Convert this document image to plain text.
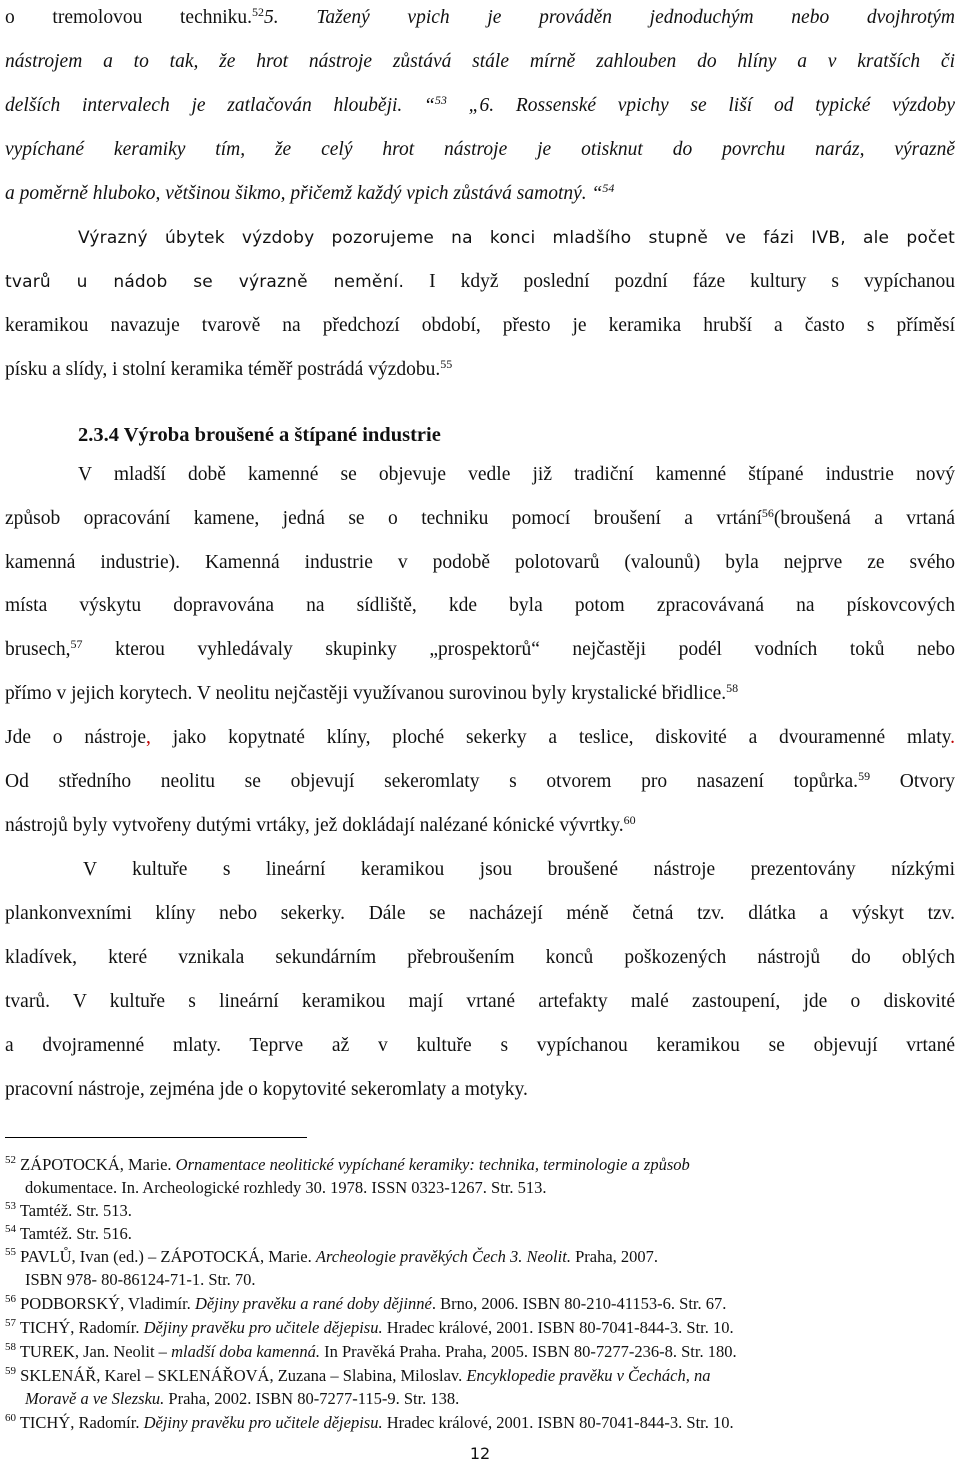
o tremolovou techniku.$^{52}$5. Tažený vpich je prováděn jednoduchým nebo dvojhrotým
nástrojem a to tak, že hrot nástroje zůstává stále mírně zahlouben do hlíny a v kratších či
delších intervalech je zatlačován hlouběji. “$^{53}$ „6. Rossenské vpichy se liší od typické výzdoby
vypíchané keramiky tím, že celý hrot nástroje je otisknut do povrchu naráz, výrazně
a poměrně hluboko, většinou šikmo, přičemž každý vpich zůstává samotný. “$^{54}$
Výrazný úbytek výzdoby pozorujeme na konci mladšího stupně ve fázi IVB, ale počet
tvarů u nádob se výrazně nemění. I když poslední pozdní fáze kultury s vypíchanou
keramikou navazuje tvarově na předchozí období, přesto je keramika hrubší a často s příměsí
písku a slídy, i stolní keramika téměř postrádá výzdobu.$^{55}$
2.3.4 Výroba broušené a štípané industrie
V mladší době kamenné se objevuje vedle již tradiční kamenné štípané industrie nový
způsob opracování kamene, jedná se o techniku pomocí broušení a vrtání$^{56}$(broušená a vrtaná
kamenná industrie). Kamenná industrie v podobě polotovarů (valounů) byla nejprve ze svého
místa výskytu dopravována na sídliště, kde byla potom zpracovávaná na pískovcových
brusech,$^{57}$ kterou vyhledávaly skupinky „prospektorů“ nejčastěji podél vodních toků nebo
přímo v jejich korytech. V neolitu nejčastěji využívanou surovinou byly krystalické břidlice.$^{58}$
Jde o nástroje, jako kopytnaté klíny, ploché sekerky a teslice, diskovité a dvouramenné mlaty.
Od středního neolitu se objevují sekeromlaty s otvorem pro nasazení topůrka.$^{59}$ Otvory
nástrojů byly vytvořeny dutými vrtáky, jež dokládají nalézané kónické vývrtky.$^{60}$
V kultuře s lineární keramikou jsou broušené nástroje prezentovány nízkými
plankonvexními klíny nebo sekerky. Dále se nacházejí méně četná tzv. dlátka a výskyt tzv.
kladívek, které vznikala sekundárním přebroušením konců poškozených nástrojů do oblých
tvarů. V kultuře s lineární keramikou mají vrtané artefakty malé zastoupení, jde o diskovité
a dvojramenné mlaty. Teprve až v kultuře s vypíchanou keramikou se objevují vrtané
pracovní nástroje, zejména jde o kopytovité sekeromlaty a motyky.
$^{52}$ ZÁPOTOCKÁ, Marie. Ornamentace neolitické vypíchané keramiky: technika, terminologie a způsob
dokumentace. In. Archeologické rozhledy 30. 1978. ISSN 0323-1267. Str. 513.
$^{53}$ Tamtéž. Str. 513.
$^{54}$ Tamtéž. Str. 516.
$^{55}$ PAVLŮ, Ivan (ed.) – ZÁPOTOCKÁ, Marie. Archeologie pravěkých Čech 3. Neolit. Praha, 2007.
ISBN 978- 80-86124-71-1. Str. 70.
$^{56}$ PODBORSKÝ, Vladimír. Dějiny pravěku a rané doby dějinné. Brno, 2006. ISBN 80-210-41153-6. Str. 67.
$^{57}$ TICHÝ, Radomír. Dějiny pravěku pro učitele dějepisu. Hradec králové, 2001. ISBN 80-7041-844-3. Str. 10.
$^{58}$ TUREK, Jan. Neolit – mladší doba kamenná. In Pravěká Praha. Praha, 2005. ISBN 80-7277-236-8. Str. 180.
$^{59}$ SKLENÁŘ, Karel – SKLENÁŘOVÁ, Zuzana – Slabina, Miloslav. Encyklopedie pravěku v Čechách, na
Moravě a ve Slezsku. Praha, 2002. ISBN 80-7277-115-9. Str. 138.
$^{60}$ TICHÝ, Radomír. Dějiny pravěku pro učitele dějepisu. Hradec králové, 2001. ISBN 80-7041-844-3. Str. 10.
12
